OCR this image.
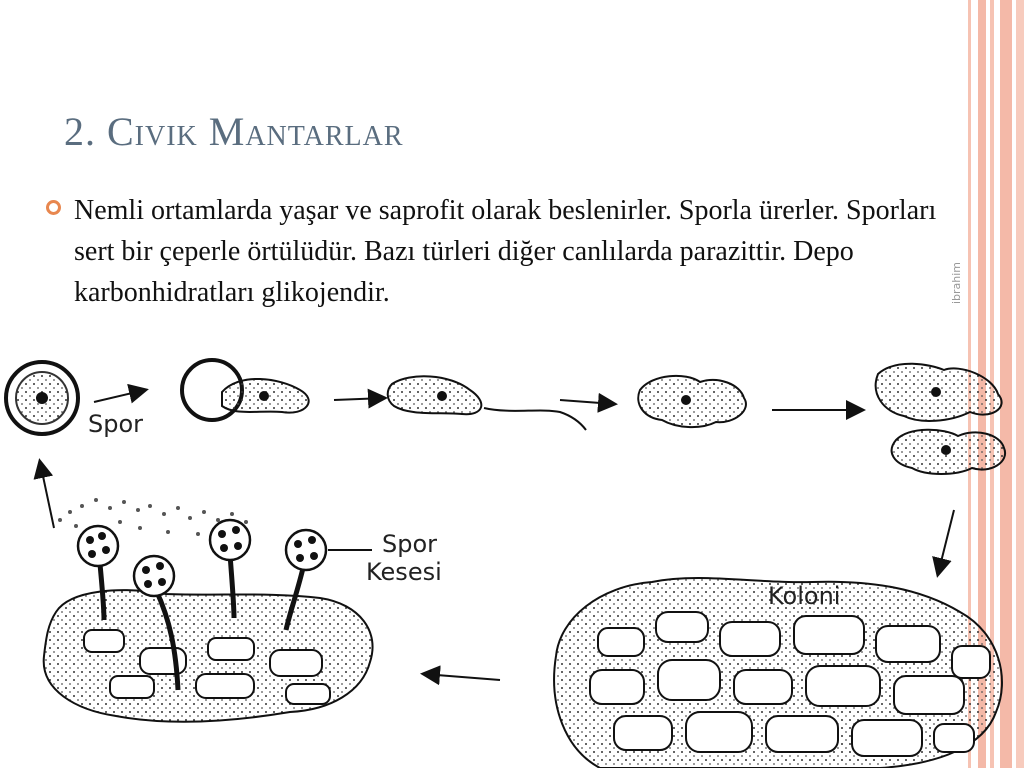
2. Civik Mantarlar

Nemli ortamlarda yaşar ve saprofit olarak beslenirler. Sporla ürerler. Sporları sert bir çeperle örtülüdür. Bazı türleri diğer canlılarda parazittir. Depo karbonhidratları glikojendir.	ibrahim
Spor
Koloni
Spor
Kesesi
